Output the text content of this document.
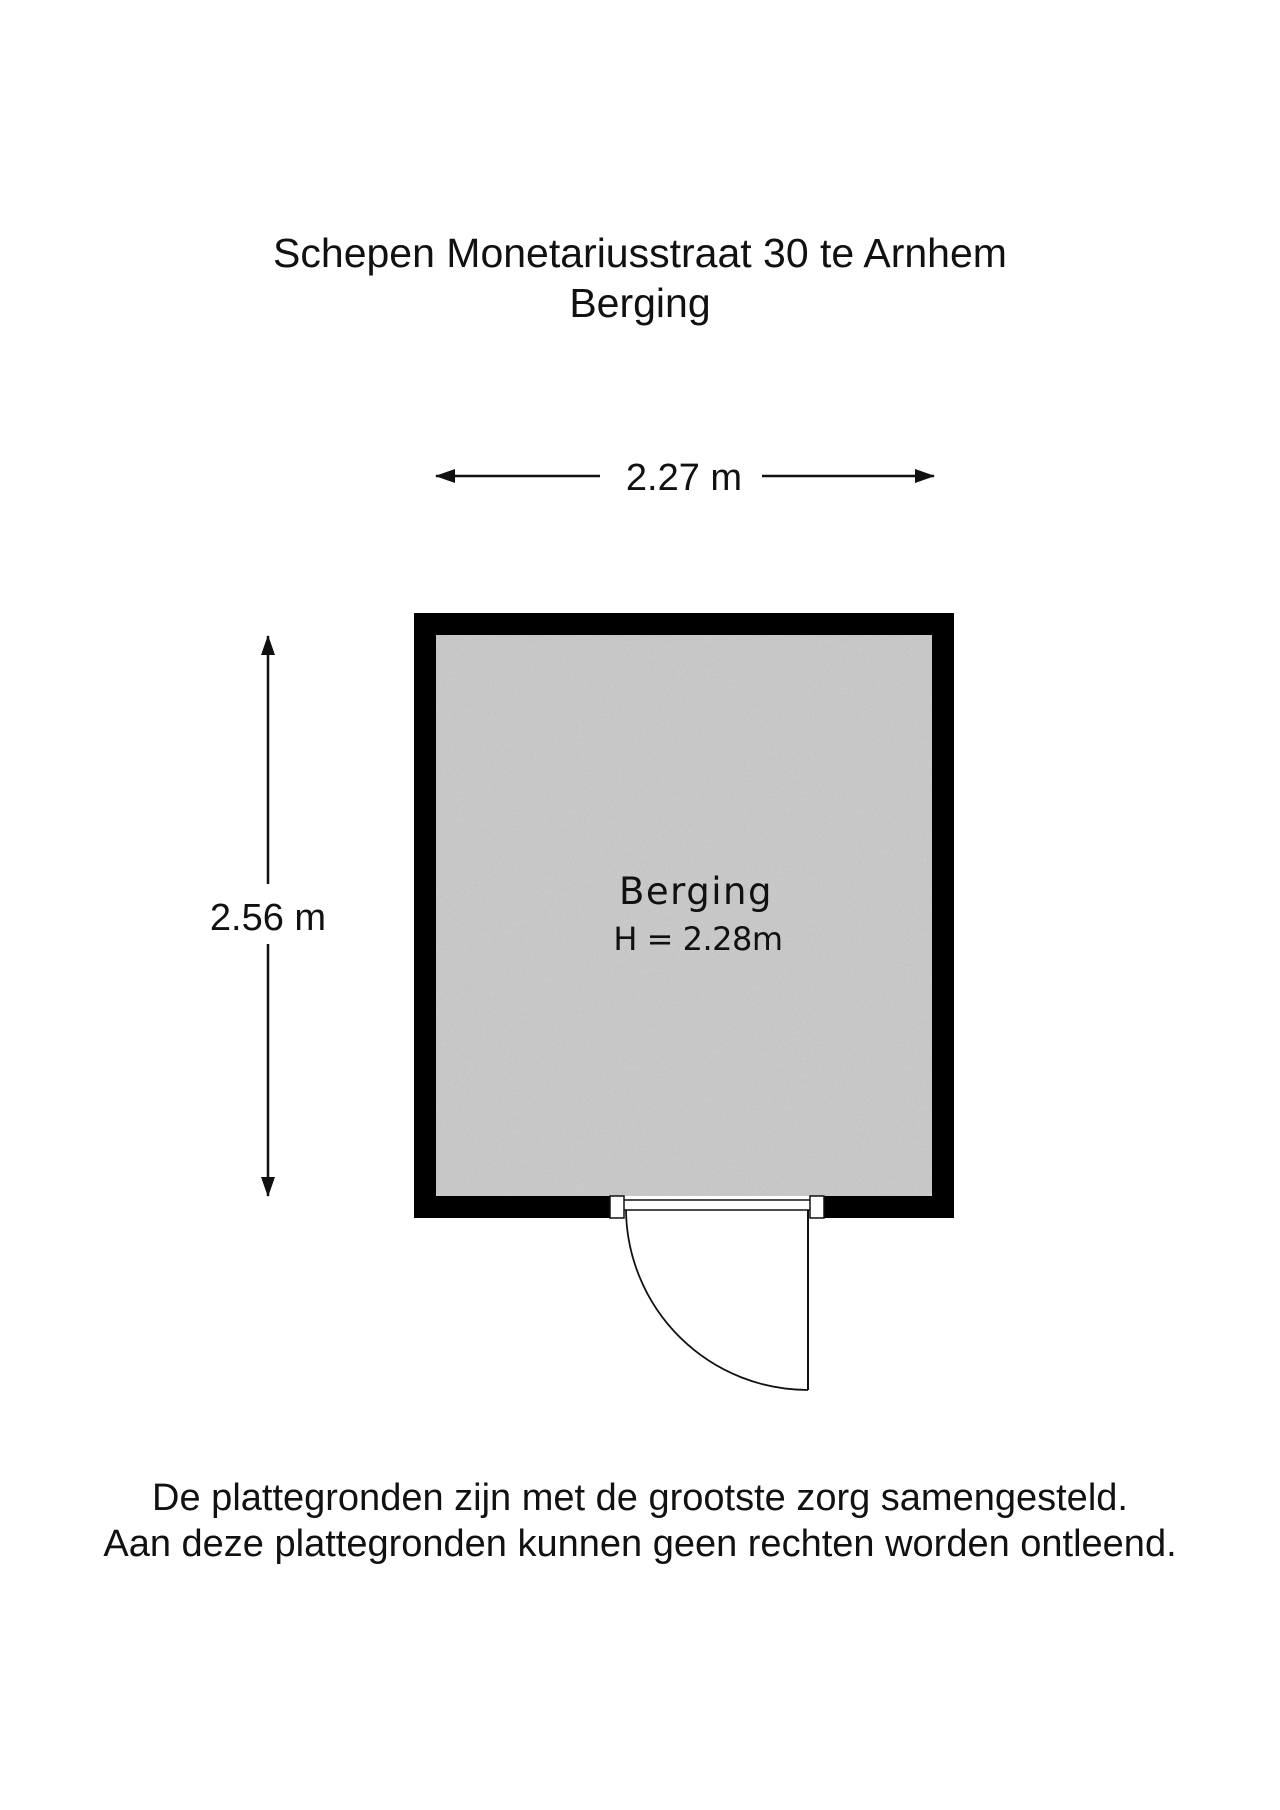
Schepen Monetariusstraat 30 te Arnhem
Berging
2.27 m
2.56 m
Berging
H = 2.28m
De plattegronden zijn met de grootste zorg samengesteld.
Aan deze plattegronden kunnen geen rechten worden ontleend.
